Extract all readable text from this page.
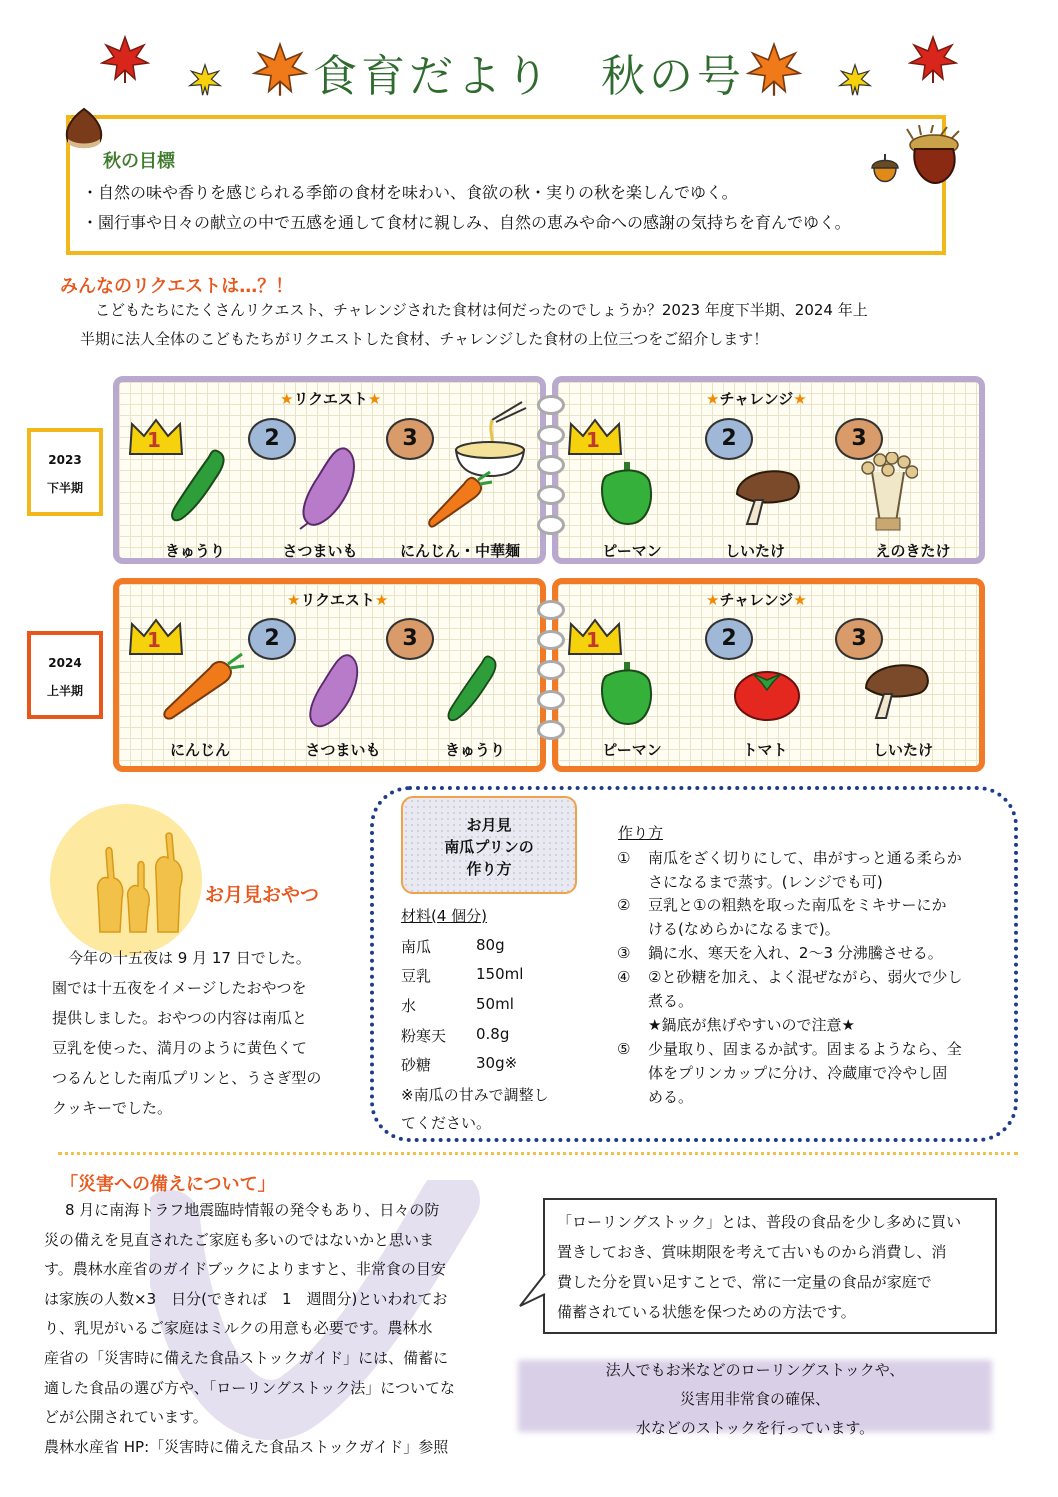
食育だより　秋の号
秋の目標
・自然の味や香りを感じられる季節の食材を味わい、食欲の秋・実りの秋を楽しんでゆく。
・園行事や日々の献立の中で五感を通して食材に親しみ、自然の恵みや命への感謝の気持ちを育んでゆく。
みんなのリクエストは…？！
こどもたちにたくさんリクエスト、チャレンジされた食材は何だったのでしょうか？2023 年度下半期、2024 年上
半期に法人全体のこどもたちがリクエストした食材、チャレンジした食材の上位三つをご紹介します！
2023
下半期
2024
上半期
★リクエスト★	★チャレンジ★
★リクエスト★	★チャレンジ★
1	2	3	1	2	3
1	2	3	1	2	3
きゅうり	さつまいも	にんじん・中華麺	ピーマン	しいたけ	えのきたけ
にんじん	さつまいも	きゅうり	ピーマン	トマト	しいたけ
お月見おやつ
今年の十五夜は 9 月 17 日でした。
園では十五夜をイメージしたおやつを
提供しました。おやつの内容は南瓜と
豆乳を使った、満月のように黄色くて
つるんとした南瓜プリンと、うさぎ型の
クッキーでした。
お月見
南瓜プリンの
作り方
材料(4 個分)
南瓜	80g
豆乳	150ml
水	50ml
粉寒天 0.8g
砂糖	30g※
※南瓜の甘みで調整し
てください。
作り方
① 南瓜をざく切りにして、串がすっと通る柔らか
さになるまで蒸す。(レンジでも可)
② 豆乳と①の粗熱を取った南瓜をミキサーにか
ける(なめらかになるまで)。
③ 鍋に水、寒天を入れ、2～3 分沸騰させる。
④ ②と砂糖を加え、よく混ぜながら、弱火で少し
煮る。
★鍋底が焦げやすいので注意★
⑤ 少量取り、固まるか試す。固まるようなら、全
体をプリンカップに分け、冷蔵庫で冷やし固
める。
「災害への備えについて」
8 月に南海トラフ地震臨時情報の発令もあり、日々の防
災の備えを見直されたご家庭も多いのではないかと思いま
す。農林水産省のガイドブックによりますと、非常食の目安
は家族の人数×3　日分(できれば　1　週間分)といわれてお
り、乳児がいるご家庭はミルクの用意も必要です。農林水
産省の「災害時に備えた食品ストックガイド」には、備蓄に
適した食品の選び方や、「ローリングストック法」についてな
どが公開されています。
農林水産省 HP:「災害時に備えた食品ストックガイド」参照
「ローリングストック」とは、普段の食品を少し多めに買い
置きしておき、賞味期限を考えて古いものから消費し、消
費した分を買い足すことで、常に一定量の食品が家庭で
備蓄されている状態を保つための方法です。
法人でもお米などのローリングストックや、
災害用非常食の確保、
水などのストックを行っています。
